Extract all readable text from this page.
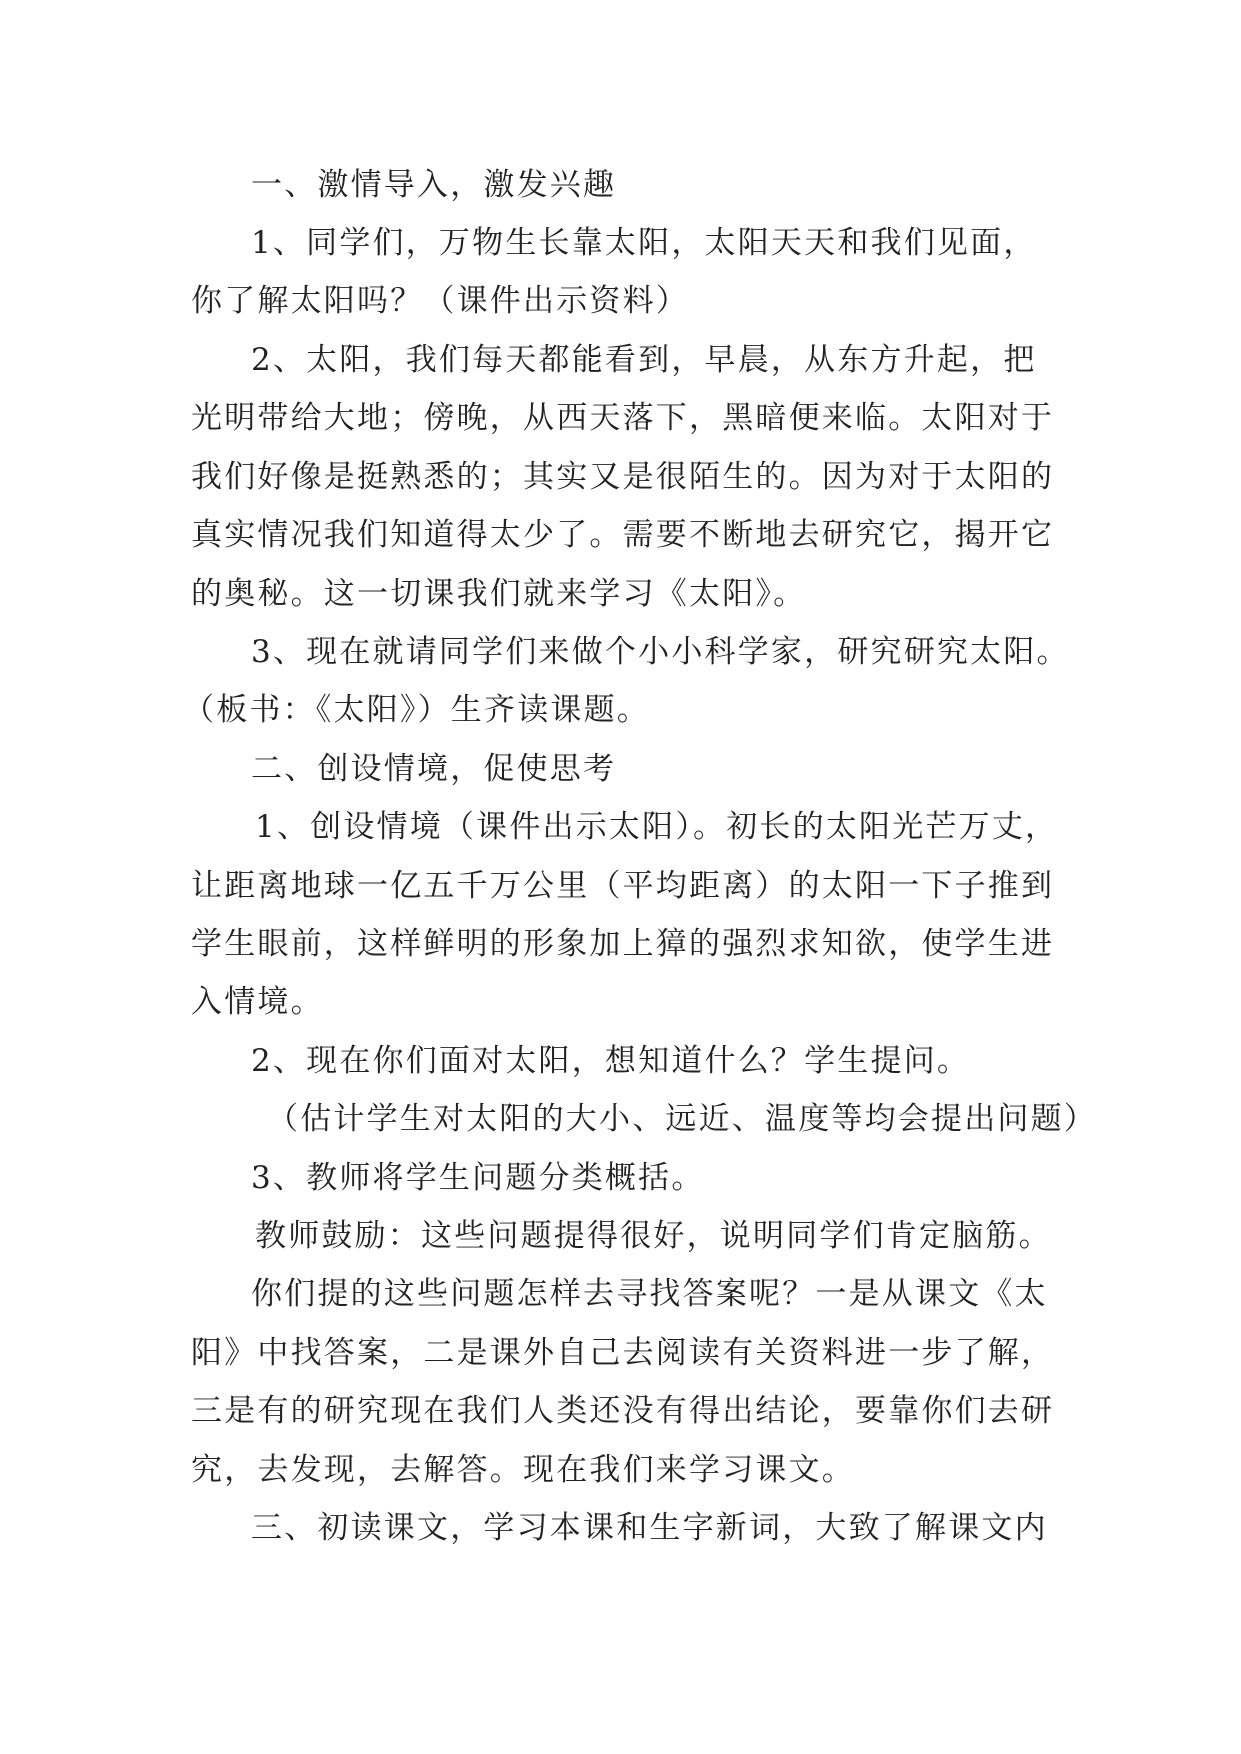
一、激情导入，激发兴趣
1、同学们，万物生长靠太阳，太阳天天和我们见面，
你了解太阳吗？（课件出示资料）
2、太阳，我们每天都能看到，早晨，从东方升起，把
光明带给大地；傍晚，从西天落下，黑暗便来临。太阳对于
我们好像是挺熟悉的；其实又是很陌生的。因为对于太阳的
真实情况我们知道得太少了。需要不断地去研究它，揭开它
的奥秘。这一切课我们就来学习《太阳》。
3、现在就请同学们来做个小小科学家，研究研究太阳。
（板书：《太阳》）生齐读课题。
二、创设情境，促使思考
1、创设情境（课件出示太阳）。初长的太阳光芒万丈，
让距离地球一亿五千万公里（平均距离）的太阳一下子推到
学生眼前，这样鲜明的形象加上獐的强烈求知欲，使学生进
入情境。
2、现在你们面对太阳，想知道什么？学生提问。
（估计学生对太阳的大小、远近、温度等均会提出问题）
3、教师将学生问题分类概括。
教师鼓励：这些问题提得很好，说明同学们肯定脑筋。
你们提的这些问题怎样去寻找答案呢？一是从课文《太
阳》中找答案，二是课外自己去阅读有关资料进一步了解，
三是有的研究现在我们人类还没有得出结论，要靠你们去研
究，去发现，去解答。现在我们来学习课文。
三、初读课文，学习本课和生字新词，大致了解课文内
